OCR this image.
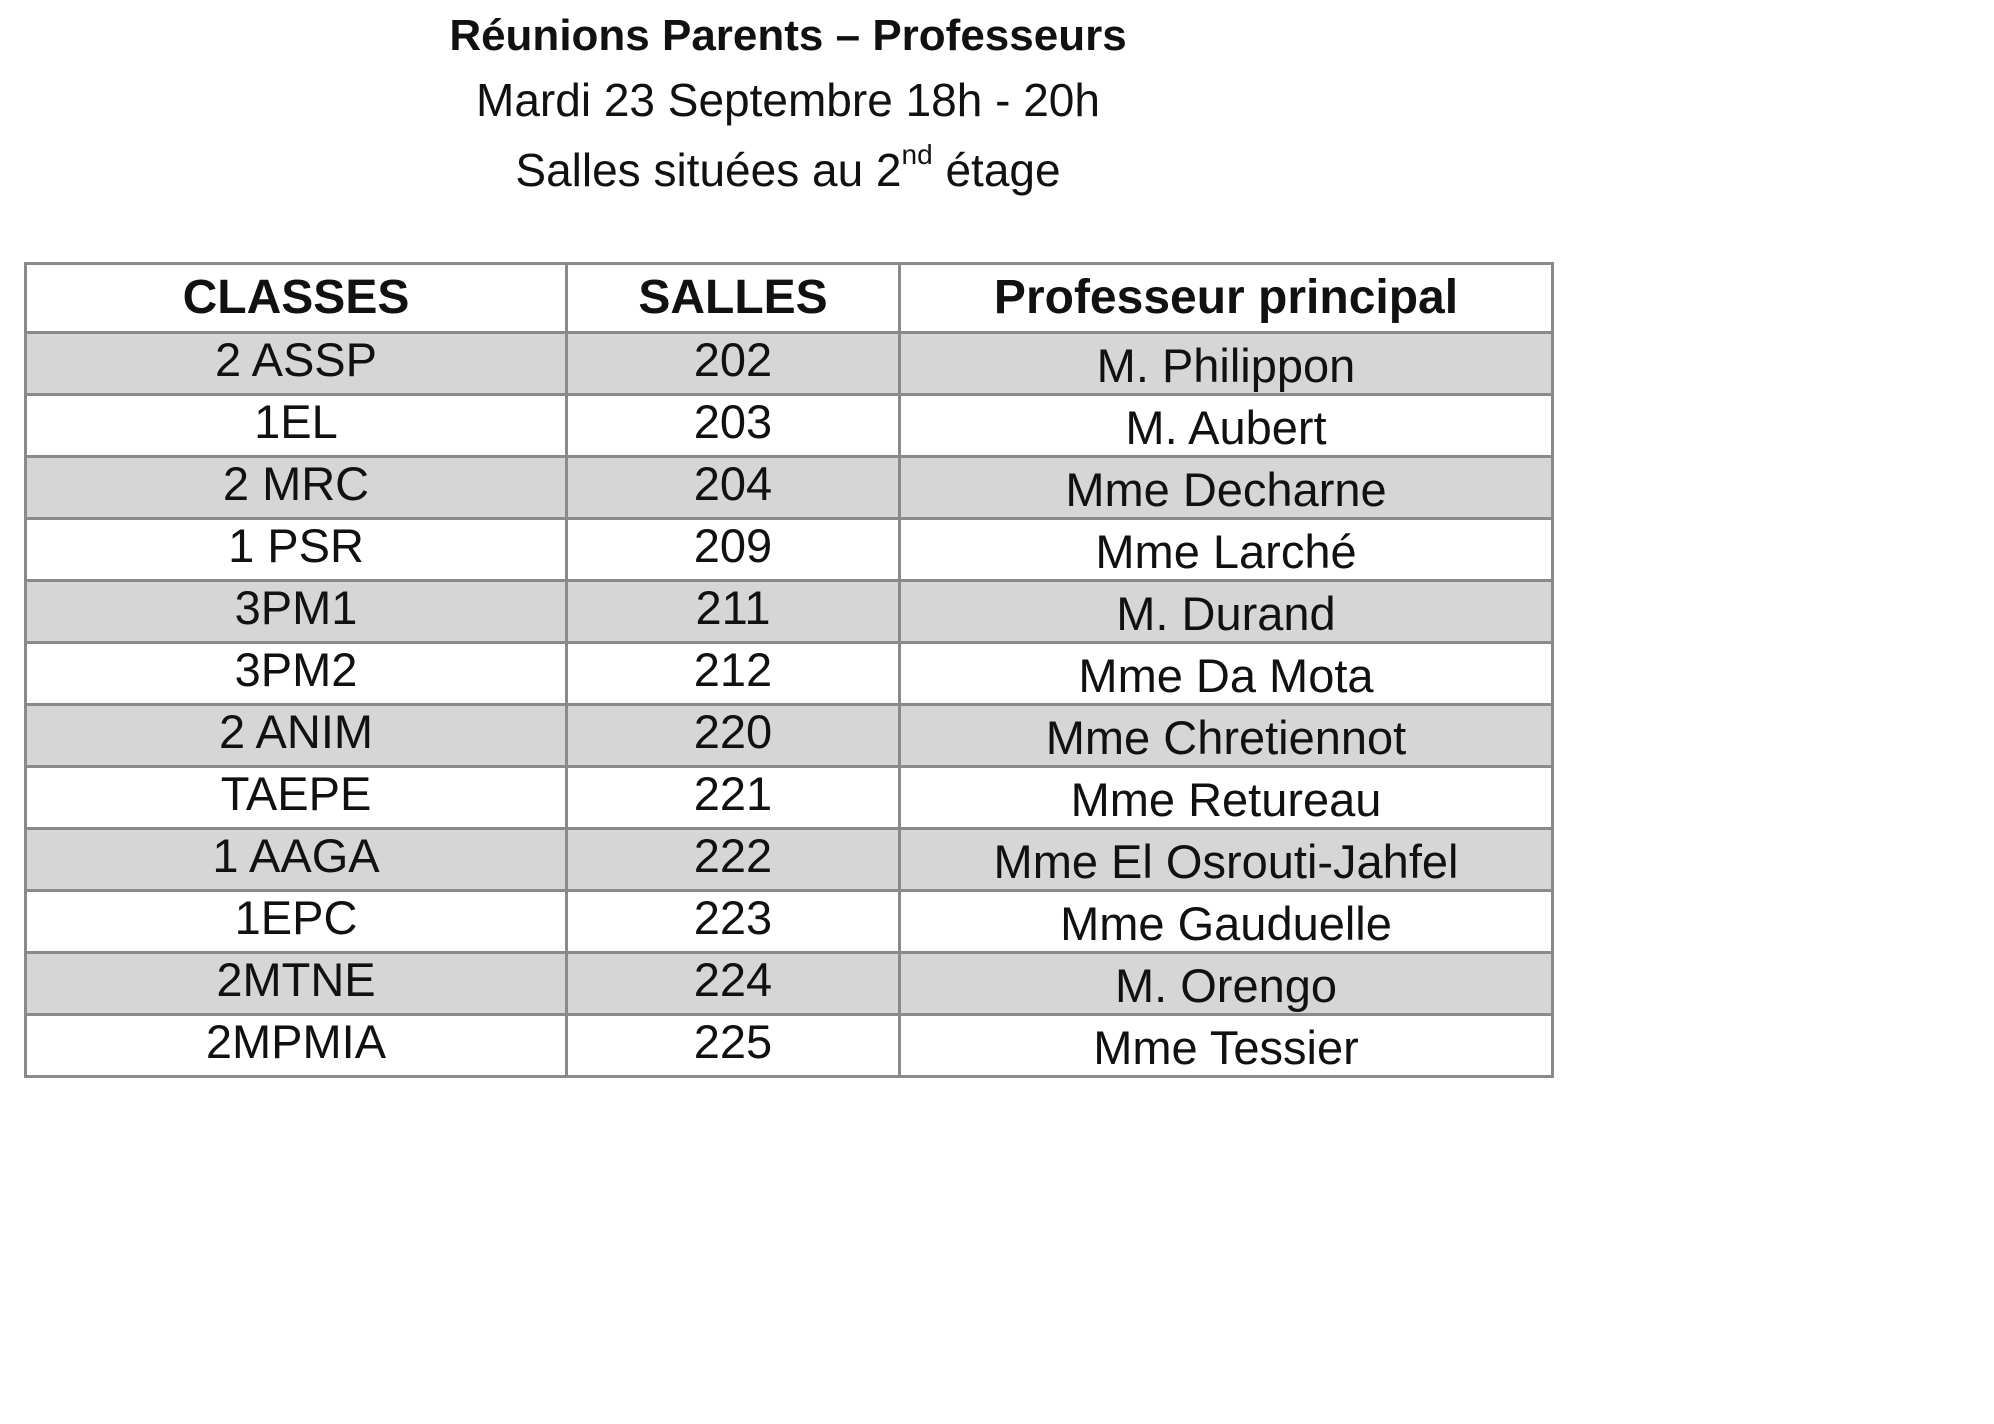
Réunions Parents – Professeurs
Mardi 23 Septembre 18h - 20h
Salles situées au 2nd étage
CLASSES	SALLES	Professeur principal
2 ASSP	202	M. Philippon
1EL	203	M. Aubert
2 MRC	204	Mme Decharne
1 PSR	209	Mme Larché
3PM1	211	M. Durand
3PM2	212	Mme Da Mota
2 ANIM	220	Mme Chretiennot
TAEPE	221	Mme Retureau
1 AAGA	222	Mme El Osrouti-Jahfel
1EPC	223	Mme Gauduelle
2MTNE	224	M. Orengo
2MPMIA	225	Mme Tessier
